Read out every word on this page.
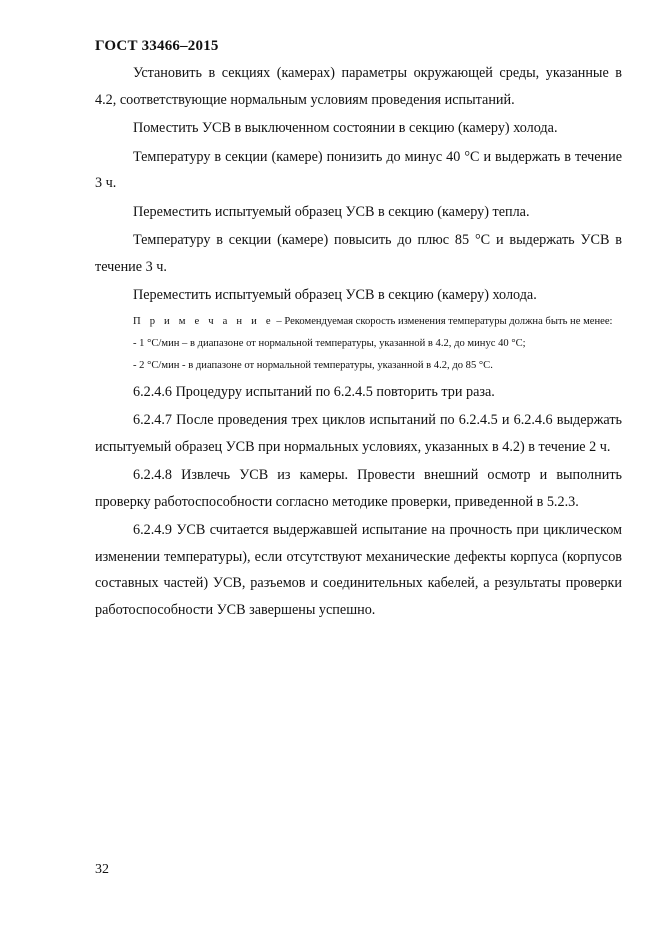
ГОСТ 33466–2015

Установить в секциях (камерах) параметры окружающей среды, указанные в 4.2, соответствующие нормальным условиям проведения испытаний.

Поместить УСВ в выключенном состоянии в секцию (камеру) холода.

Температуру в секции (камере) понизить до минус 40 °С и выдержать в течение 3 ч.

Переместить испытуемый образец УСВ в секцию (камеру) тепла.

Температуру в секции (камере) повысить до плюс 85 °С и выдержать УСВ в течение 3 ч.

Переместить испытуемый образец УСВ в секцию (камеру) холода.

П р и м е ч а н и е – Рекомендуемая скорость изменения температуры должна быть не менее:

- 1 °С/мин – в диапазоне от нормальной температуры, указанной в 4.2, до минус 40 °С;

- 2 °С/мин - в диапазоне от нормальной температуры, указанной в 4.2, до 85 °С.

6.2.4.6 Процедуру испытаний по 6.2.4.5 повторить три раза.

6.2.4.7 После проведения трех циклов испытаний по 6.2.4.5 и 6.2.4.6 выдержать испытуемый образец УСВ при нормальных условиях, указанных в 4.2) в течение 2 ч.

6.2.4.8 Извлечь УСВ из камеры. Провести внешний осмотр и выполнить проверку работоспособности согласно методике проверки, приведенной в 5.2.3.

6.2.4.9 УСВ считается выдержавшей испытание на прочность при циклическом изменении температуры), если отсутствуют механические дефекты корпуса (корпусов составных частей) УСВ, разъемов и соединительных кабелей, а результаты проверки работоспособности УСВ завершены успешно.

32
